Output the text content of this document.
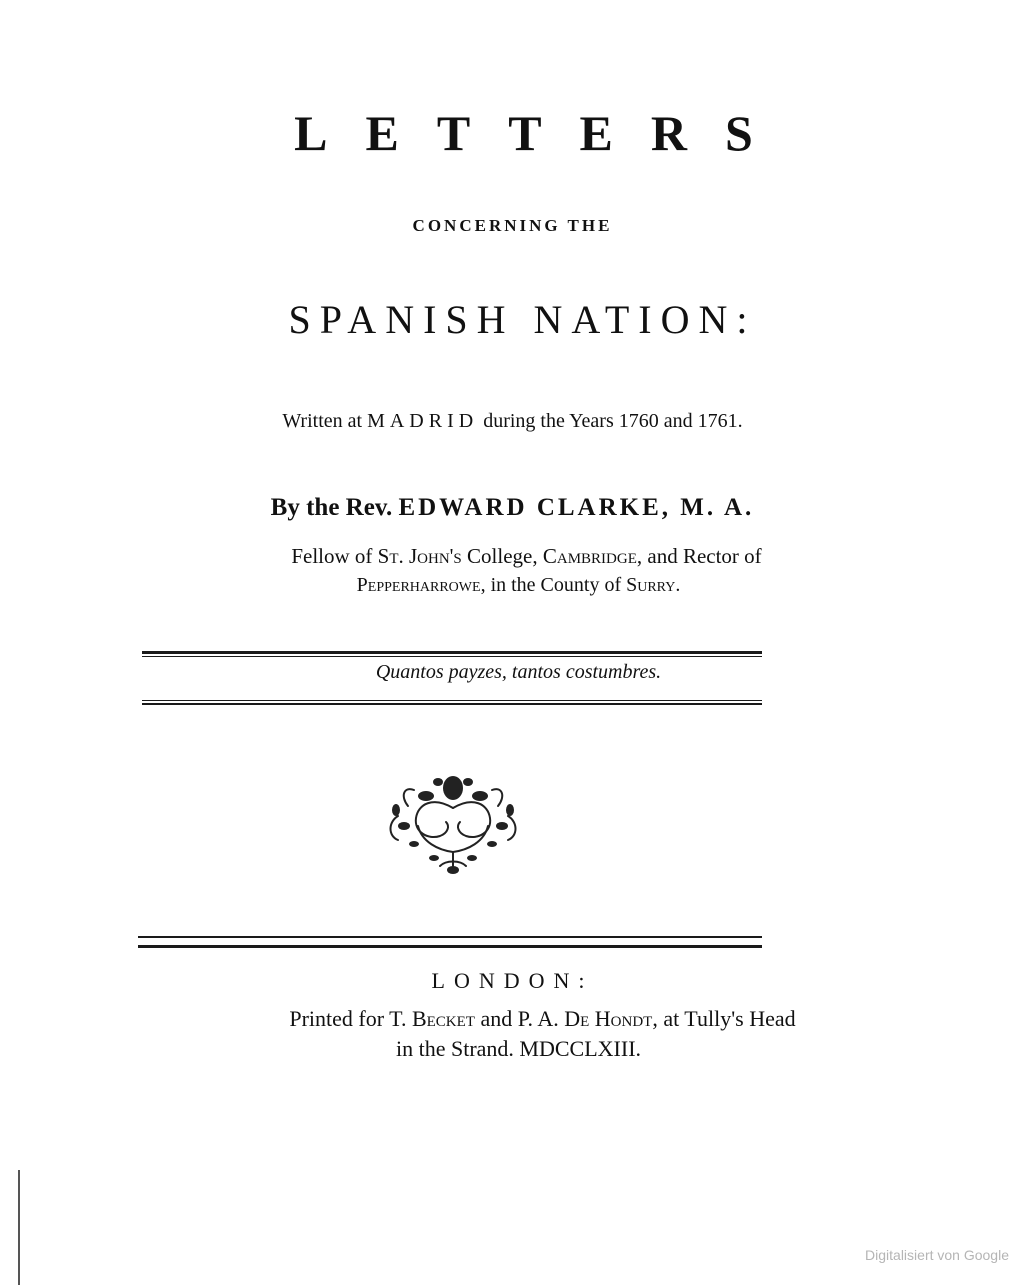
LETTERS
CONCERNING THE
SPANISH NATION:
Written at MADRID during the Years 1760 and 1761.
By the Rev. EDWARD CLARKE, M. A.
Fellow of St. John's College, Cambridge, and Rector of
Pepperharrowe, in the County of Surry.
Quantos payzes, tantos costumbres.
LONDON:
Printed for T. Becket and P. A. De Hondt, at Tully's Head
in the Strand. MDCCLXIII.
Digitalisiert von Google
